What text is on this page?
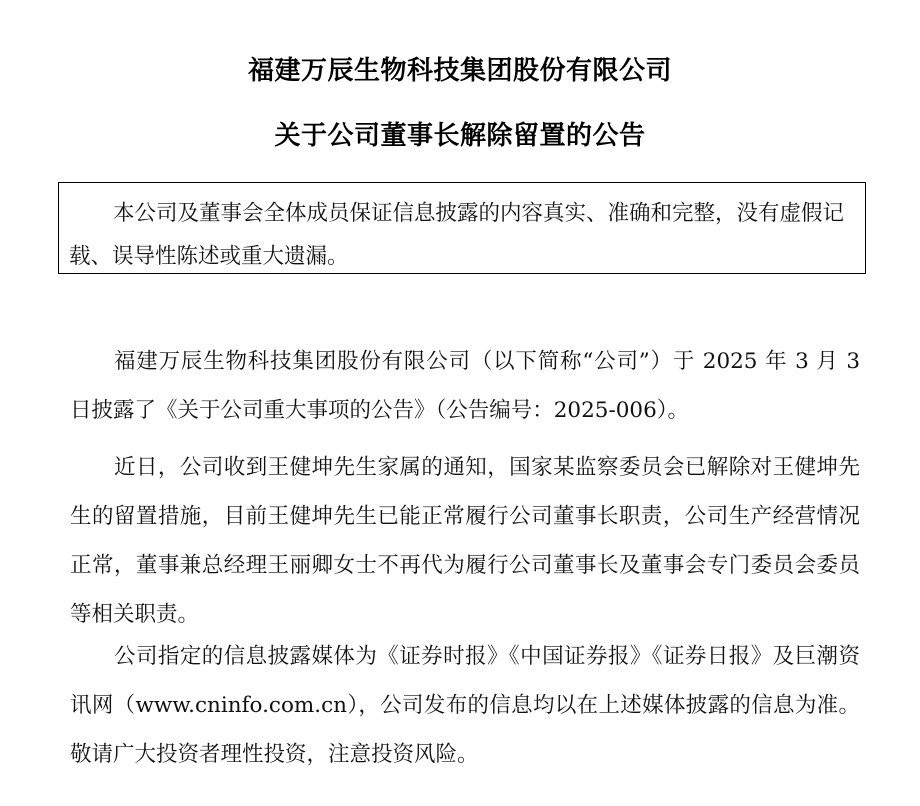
福建万辰生物科技集团股份有限公司
关于公司董事长解除留置的公告
本公司及董事会全体成员保证信息披露的内容真实、准确和完整，没有虚假记载、误导性陈述或重大遗漏。

福建万辰生物科技集团股份有限公司（以下简称“公司”）于 2025 年 3 月 3 日披露了《关于公司重大事项的公告》（公告编号：2025-006）。

近日，公司收到王健坤先生家属的通知，国家某监察委员会已解除对王健坤先生的留置措施，目前王健坤先生已能正常履行公司董事长职责，公司生产经营情况正常，董事兼总经理王丽卿女士不再代为履行公司董事长及董事会专门委员会委员等相关职责。

公司指定的信息披露媒体为《证券时报》《中国证券报》《证券日报》及巨潮资讯网（www.cninfo.com.cn），公司发布的信息均以在上述媒体披露的信息为准。敬请广大投资者理性投资，注意投资风险。
